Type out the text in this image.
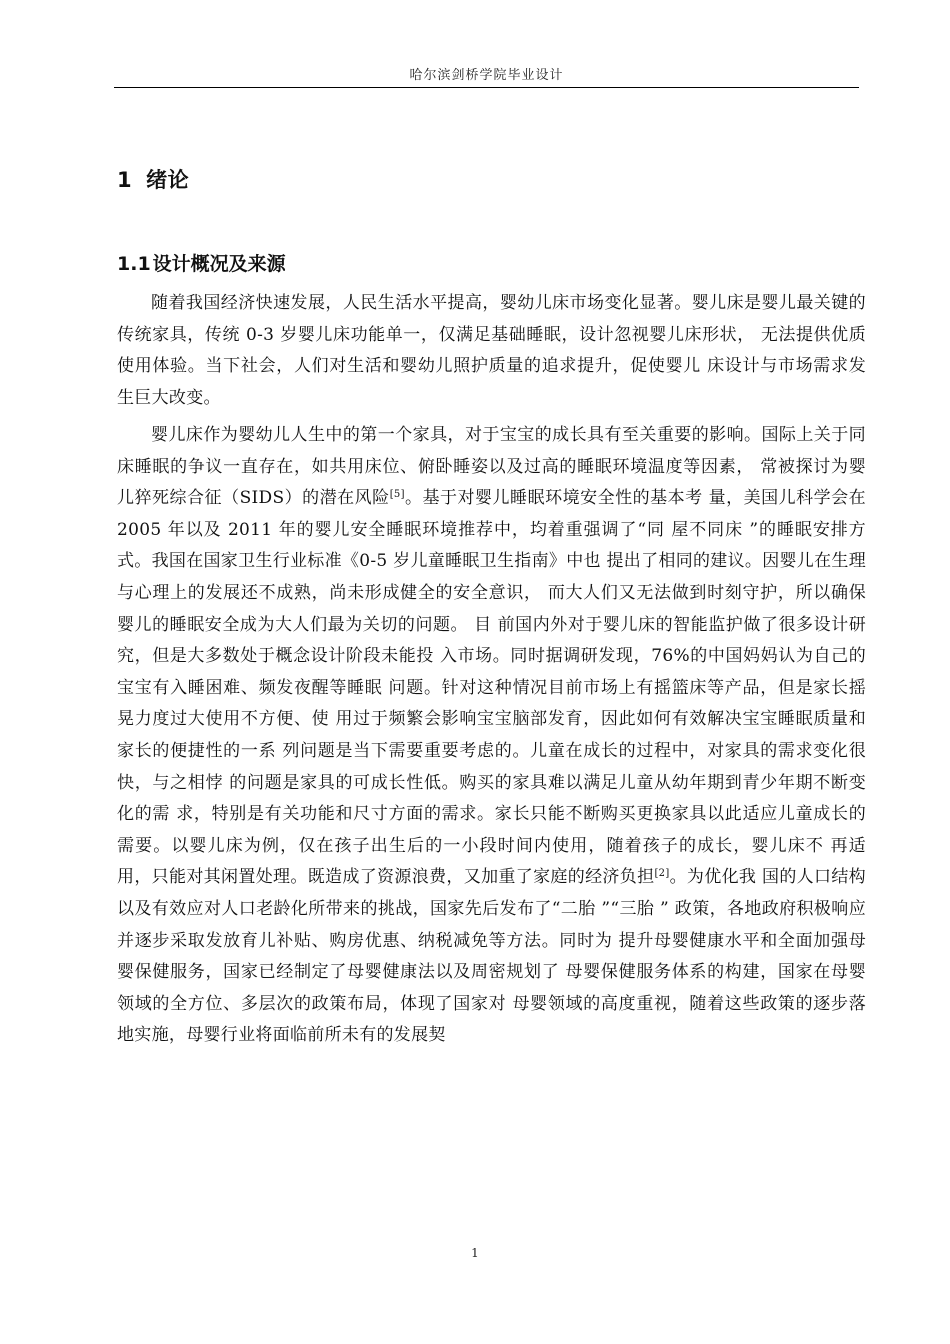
哈尔滨剑桥学院毕业设计
1 绪论
1.1 设计概况及来源

随着我国经济快速发展，人民生活水平提高，婴幼儿床市场变化显著。婴儿床是婴儿最关键的传统家具，传统 0-3 岁婴儿床功能单一，仅满足基础睡眠，设计忽视婴儿床形状， 无法提供优质使用体验。当下社会，人们对生活和婴幼儿照护质量的追求提升，促使婴儿 床设计与市场需求发生巨大改变。

婴儿床作为婴幼儿人生中的第一个家具，对于宝宝的成长具有至关重要的影响。国际上关于同床睡眠的争议一直存在，如共用床位、俯卧睡姿以及过高的睡眠环境温度等因素， 常被探讨为婴儿猝死综合征（SIDS）的潜在风险[5]。基于对婴儿睡眠环境安全性的基本考 量，美国儿科学会在 2005 年以及 2011 年的婴儿安全睡眠环境推荐中，均着重强调了“同 屋不同床 ”的睡眠安排方式。我国在国家卫生行业标准《0-5 岁儿童睡眠卫生指南》中也 提出了相同的建议。因婴儿在生理与心理上的发展还不成熟，尚未形成健全的安全意识， 而大人们又无法做到时刻守护，所以确保婴儿的睡眠安全成为大人们最为关切的问题。 目 前国内外对于婴儿床的智能监护做了很多设计研究，但是大多数处于概念设计阶段未能投 入市场。同时据调研发现，76%的中国妈妈认为自己的宝宝有入睡困难、频发夜醒等睡眠 问题。针对这种情况目前市场上有摇篮床等产品，但是家长摇晃力度过大使用不方便、使 用过于频繁会影响宝宝脑部发育，因此如何有效解决宝宝睡眠质量和家长的便捷性的一系 列问题是当下需要重要考虑的。儿童在成长的过程中，对家具的需求变化很快，与之相悖 的问题是家具的可成长性低。购买的家具难以满足儿童从幼年期到青少年期不断变化的需 求，特别是有关功能和尺寸方面的需求。家长只能不断购买更换家具以此适应儿童成长的 需要。以婴儿床为例，仅在孩子出生后的一小段时间内使用，随着孩子的成长，婴儿床不 再适用，只能对其闲置处理。既造成了资源浪费，又加重了家庭的经济负担[2]。为优化我 国的人口结构以及有效应对人口老龄化所带来的挑战，国家先后发布了“二胎 ”“三胎 ” 政策，各地政府积极响应并逐步采取发放育儿补贴、购房优惠、纳税减免等方法。同时为 提升母婴健康水平和全面加强母婴保健服务，国家已经制定了母婴健康法以及周密规划了 母婴保健服务体系的构建，国家在母婴领域的全方位、多层次的政策布局，体现了国家对 母婴领域的高度重视，随着这些政策的逐步落地实施，母婴行业将面临前所未有的发展契

1
